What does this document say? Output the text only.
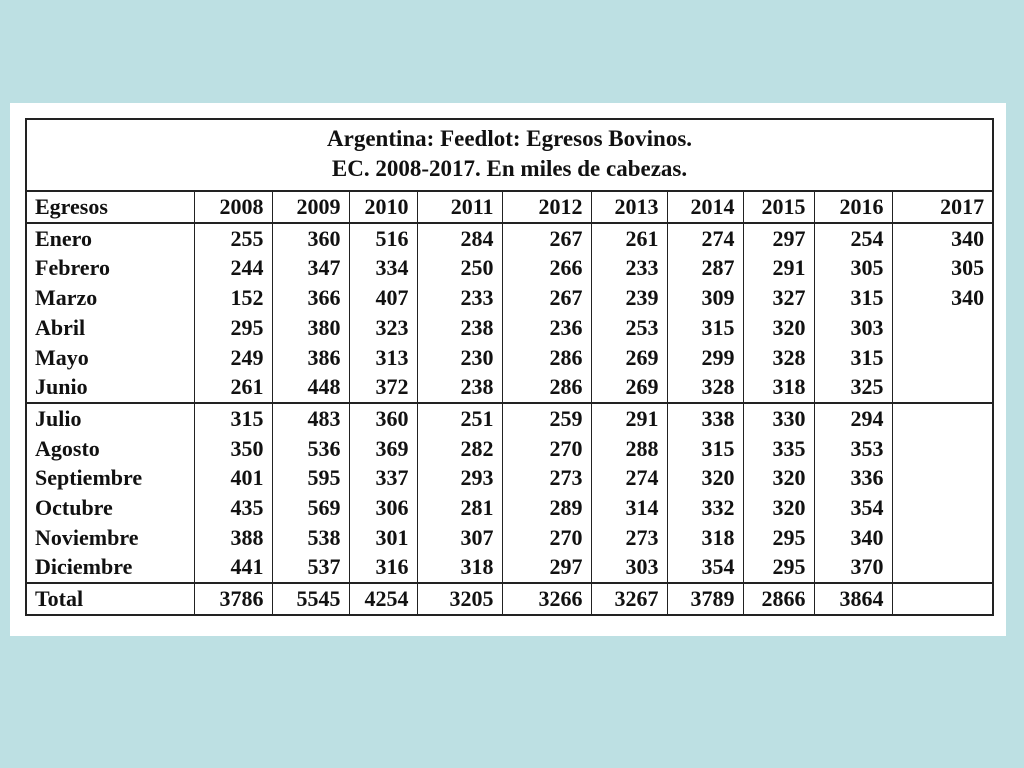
Argentina: Feedlot: Egresos Bovinos.
EC. 2008-2017. En miles de cabezas.										

Egresos	2008	2009	2010	2011	2012	2013	2014	2015	2016	2017
Enero	255	360	516	284	267	261	274	297	254	340
Febrero	244	347	334	250	266	233	287	291	305	305
Marzo	152	366	407	233	267	239	309	327	315	340
Abril	295	380	323	238	236	253	315	320	303	
Mayo	249	386	313	230	286	269	299	328	315	
Junio	261	448	372	238	286	269	328	318	325	
Julio	315	483	360	251	259	291	338	330	294	
Agosto	350	536	369	282	270	288	315	335	353	
Septiembre	401	595	337	293	273	274	320	320	336	
Octubre	435	569	306	281	289	314	332	320	354	
Noviembre	388	538	301	307	270	273	318	295	340	
Diciembre	441	537	316	318	297	303	354	295	370	
Total	3786	5545	4254	3205	3266	3267	3789	2866	3864	
